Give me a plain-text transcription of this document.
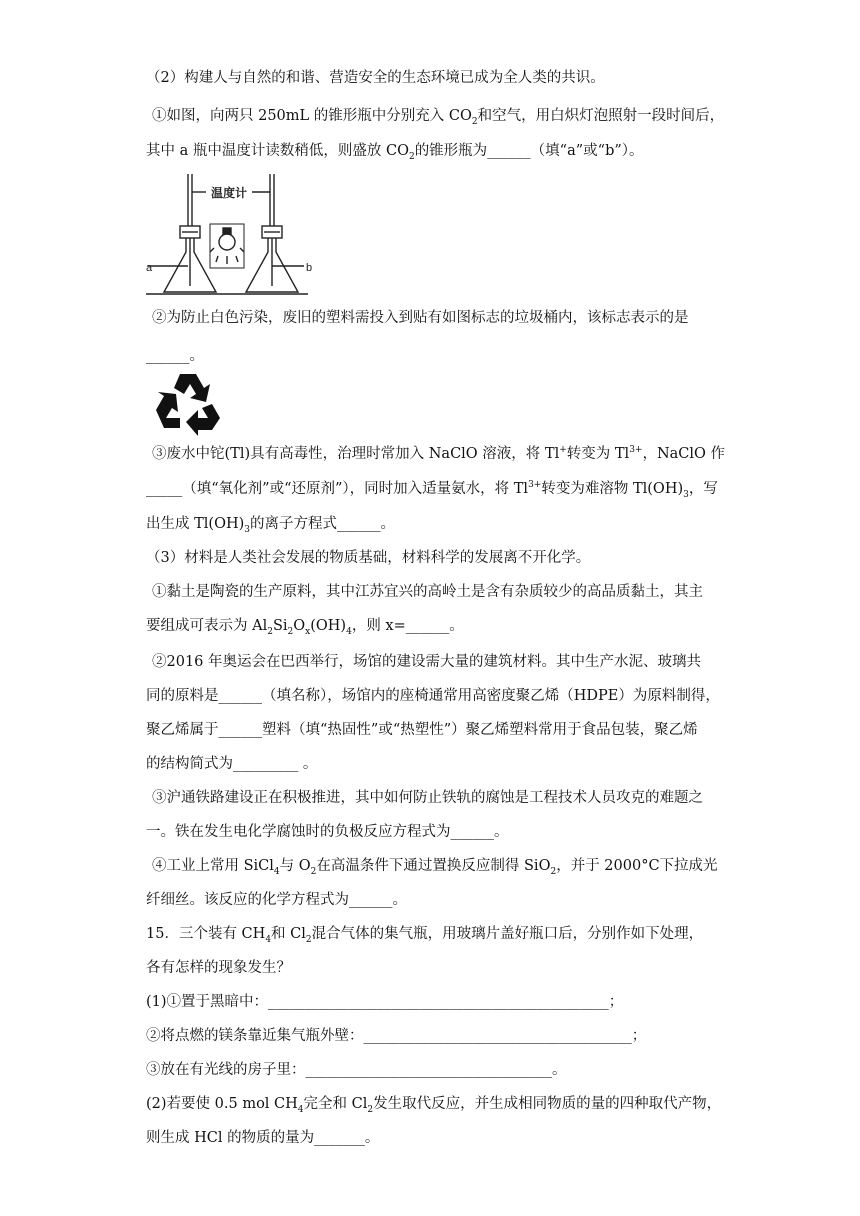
（2）构建人与自然的和谐、营造安全的生态环境已成为全人类的共识。
①如图，向两只 250mL 的锥形瓶中分别充入 $CO_2$和空气，用白炽灯泡照射一段时间后，
其中 a 瓶中温度计读数稍低，则盛放 $CO_2$的锥形瓶为______（填“a”或“b”）。
温度计
a	b
②为防止白色污染，废旧的塑料需投入到贴有如图标志的垃圾桶内，该标志表示的是
______。
③废水中铊(Tl)具有高毒性，治理时常加入 NaClO 溶液，将 Tl+转变为 $Tl^{3+}$，NaClO 作
_____（填“氧化剂”或“还原剂”），同时加入适量氨水，将 $Tl^{3+}$转变为难溶物 $Tl(OH)_3$，写
出生成 $Tl(OH)_3$的离子方程式______。
（3）材料是人类社会发展的物质基础，材料科学的发展离不开化学。
①黏土是陶瓷的生产原料，其中江苏宜兴的高岭土是含有杂质较少的高品质黏土，其主
要组成可表示为 $Al_2Si_2O_x(OH)_4$，则 x=______。
②2016 年奥运会在巴西举行，场馆的建设需大量的建筑材料。其中生产水泥、玻璃共
同的原料是______（填名称），场馆内的座椅通常用高密度聚乙烯（HDPE）为原料制得，
聚乙烯属于______塑料（填“热固性”或“热塑性”）聚乙烯塑料常用于食品包装，聚乙烯
的结构简式为_________ 。
③沪通铁路建设正在积极推进，其中如何防止铁轨的腐蚀是工程技术人员攻克的难题之
一。铁在发生电化学腐蚀时的负极反应方程式为______。
④工业上常用 SiCl$_4$与 $O_2$在高温条件下通过置换反应制得 SiO$_2$，并于 2000°C下拉成光
纤细丝。该反应的化学方程式为______。
15．三个装有 $CH_4$和 $Cl_2$混合气体的集气瓶，用玻璃片盖好瓶口后，分别作如下处理，
各有怎样的现象发生？
(1)①置于黑暗中：_______________________________________________；
②将点燃的镁条靠近集气瓶外壁：_____________________________________；
③放在有光线的房子里：__________________________________。
(2)若要使 0.5 mol $CH_4$完全和 $Cl_2$发生取代反应，并生成相同物质的量的四种取代产物，
则生成 HCl 的物质的量为_______。
